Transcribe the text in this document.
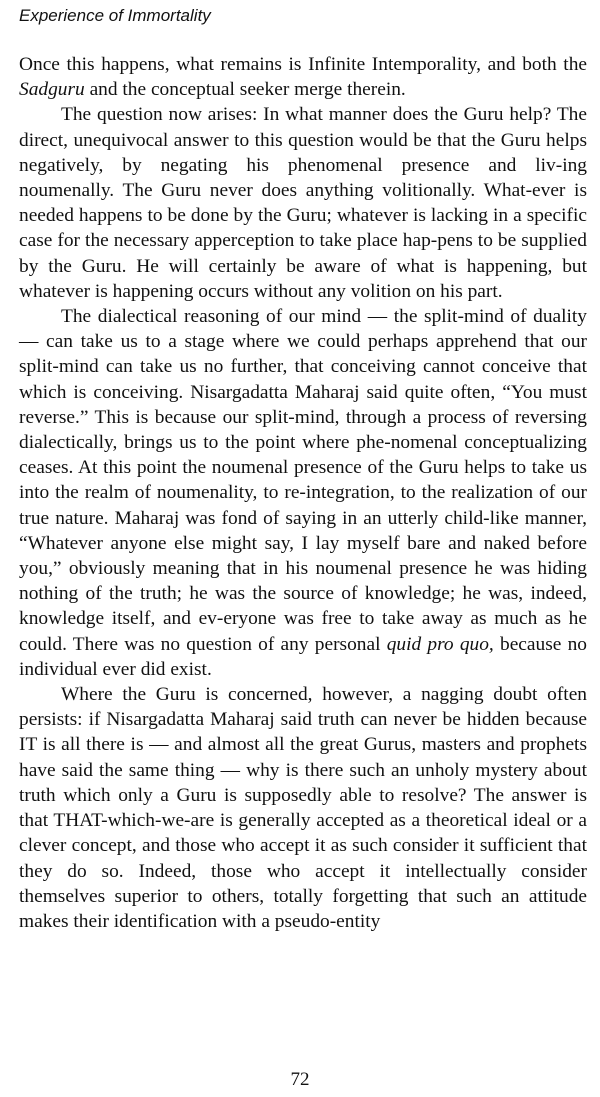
Experience of Immortality

Once this happens, what remains is Infinite Intemporality, and both the Sadguru and the conceptual seeker merge therein.

The question now arises: In what manner does the Guru help? The direct, unequivocal answer to this question would be that the Guru helps negatively, by negating his phenomenal presence and liv-ing noumenally. The Guru never does anything volitionally. What-ever is needed happens to be done by the Guru; whatever is lacking in a specific case for the necessary apperception to take place hap-pens to be supplied by the Guru. He will certainly be aware of what is happening, but whatever is happening occurs without any volition on his part.

The dialectical reasoning of our mind — the split-mind of duality — can take us to a stage where we could perhaps apprehend that our split-mind can take us no further, that conceiving cannot conceive that which is conceiving. Nisargadatta Maharaj said quite often, “You must reverse.” This is because our split-mind, through a process of reversing dialectically, brings us to the point where phe-nomenal conceptualizing ceases. At this point the noumenal presence of the Guru helps to take us into the realm of noumenality, to re-integration, to the realization of our true nature. Maharaj was fond of saying in an utterly child-like manner, “Whatever anyone else might say, I lay myself bare and naked before you,” obviously meaning that in his noumenal presence he was hiding nothing of the truth; he was the source of knowledge; he was, indeed, knowledge itself, and ev-eryone was free to take away as much as he could. There was no question of any personal quid pro quo, because no individual ever did exist.

Where the Guru is concerned, however, a nagging doubt often persists: if Nisargadatta Maharaj said truth can never be hidden because IT is all there is — and almost all the great Gurus, masters and prophets have said the same thing — why is there such an unholy mystery about truth which only a Guru is supposedly able to resolve? The answer is that THAT-which-we-are is generally accepted as a theoretical ideal or a clever concept, and those who accept it as such consider it sufficient that they do so. Indeed, those who accept it intellectually consider themselves superior to others, totally forgetting that such an attitude makes their identification with a pseudo-entity

72
